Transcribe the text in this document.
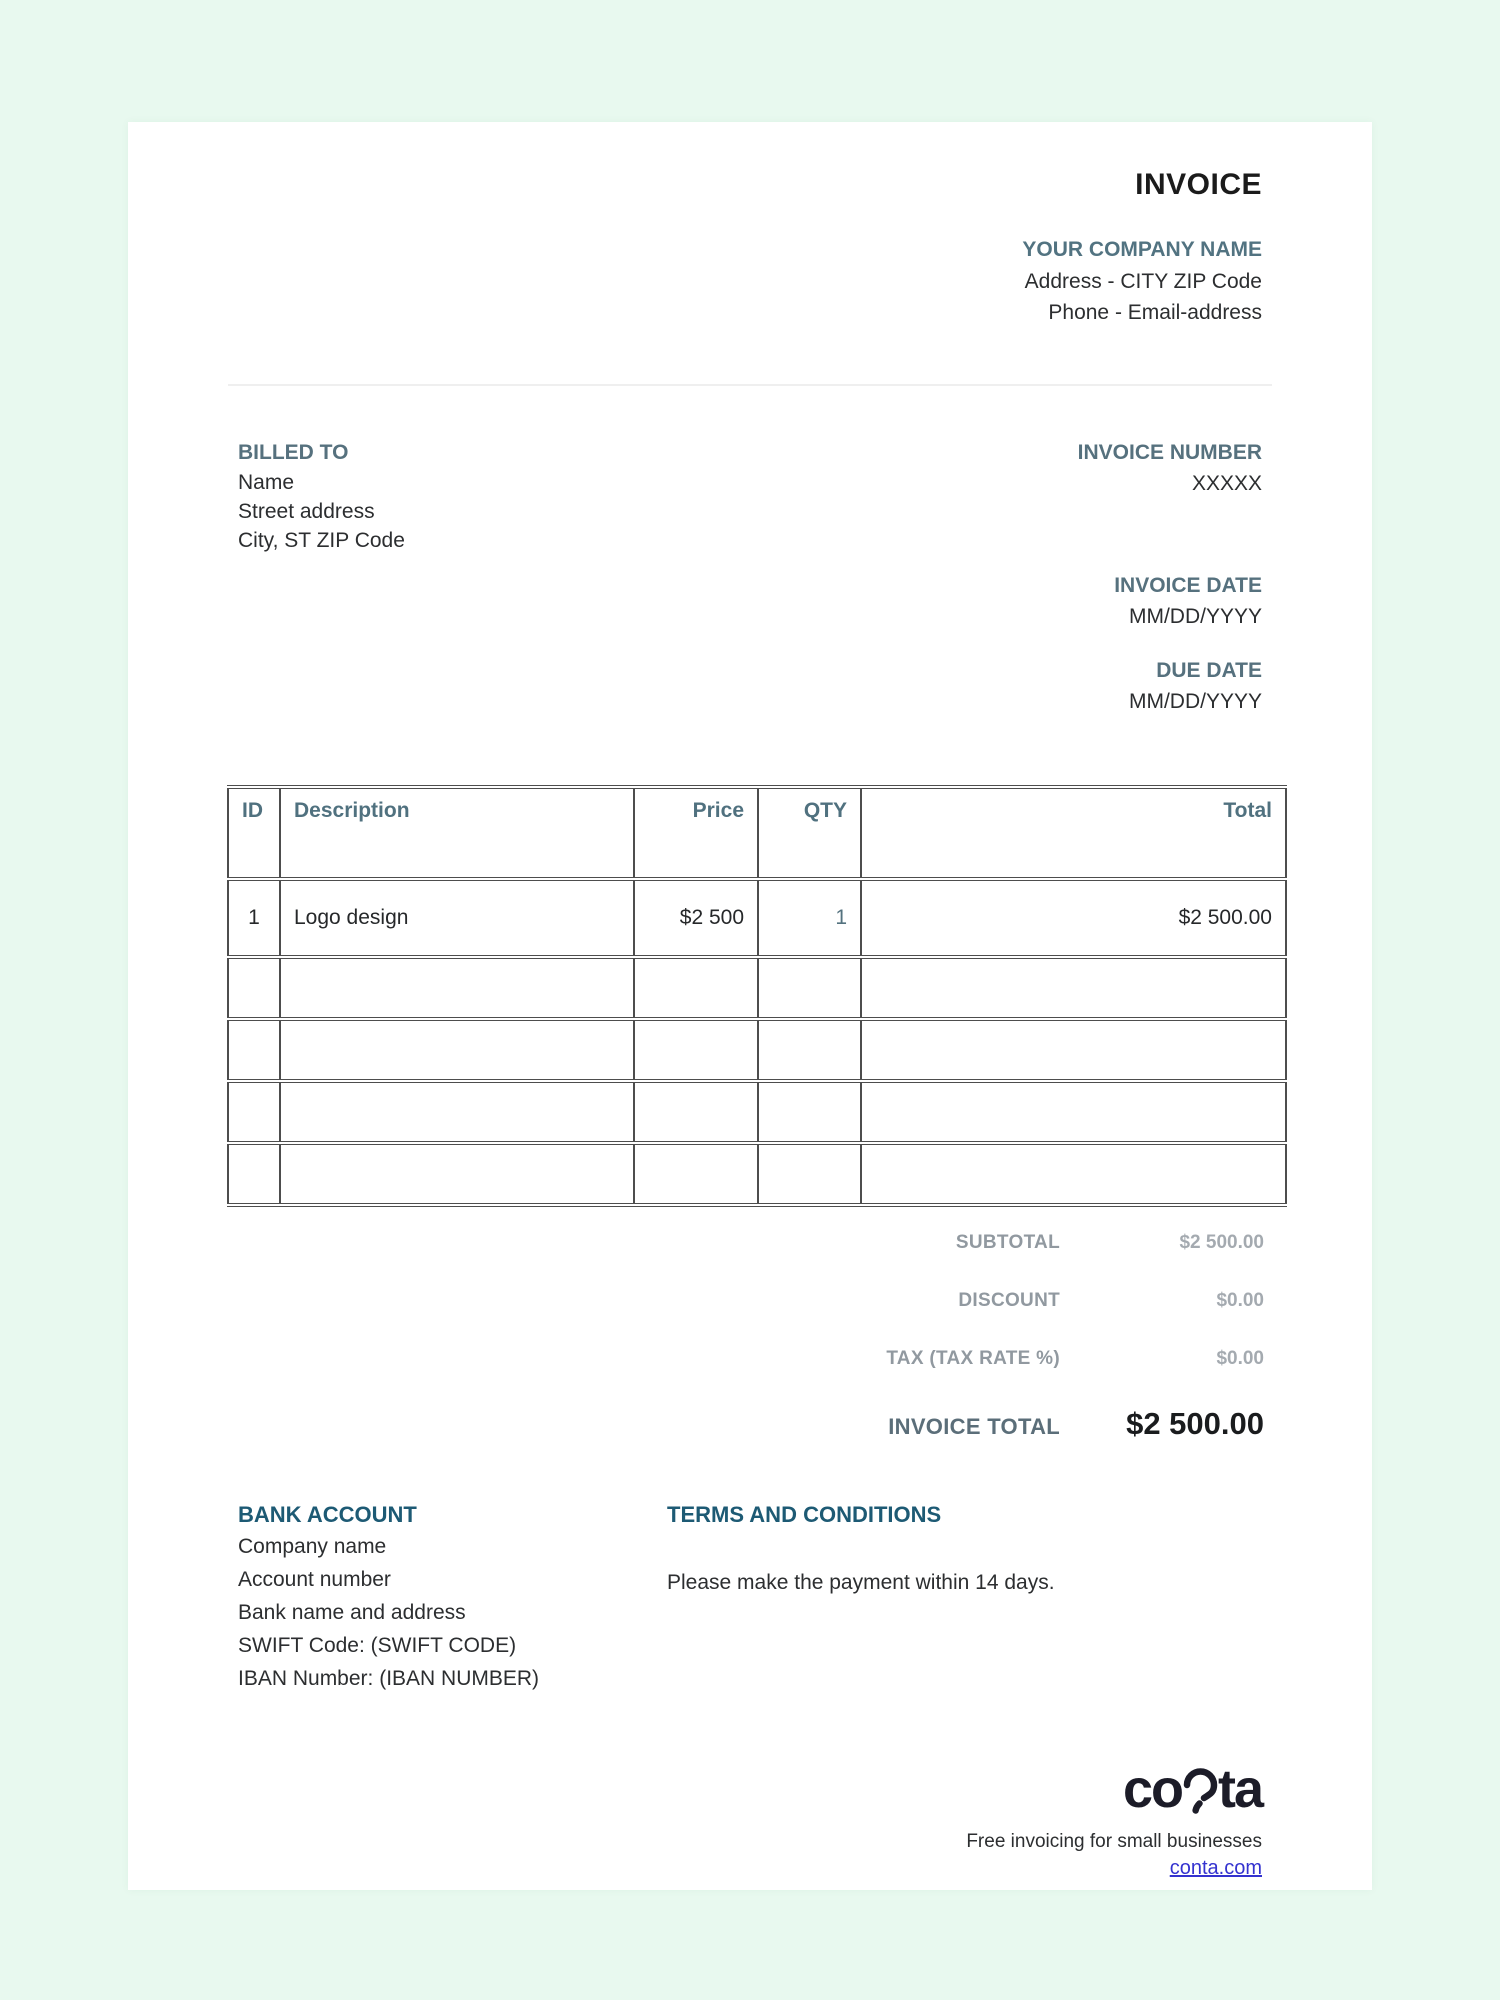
INVOICE
YOUR COMPANY NAME
Address - CITY ZIP Code
Phone - Email-address
BILLED TO
Name
Street address
City, ST ZIP Code
INVOICE NUMBER
XXXXX
INVOICE DATE
MM/DD/YYYY
DUE DATE
MM/DD/YYYY
ID	Description	Price	QTY	Total
1	Logo design	$2 500	1	$2 500.00

SUBTOTAL	$2 500.00
DISCOUNT	$0.00
TAX (TAX RATE %)	$0.00
INVOICE TOTAL	$2 500.00
BANK ACCOUNT
Company name
Account number
Bank name and address
SWIFT Code: (SWIFT CODE)
IBAN Number: (IBAN NUMBER)
TERMS AND CONDITIONS
Please make the payment within 14 days.
co ta
Free invoicing for small businesses
conta.com
